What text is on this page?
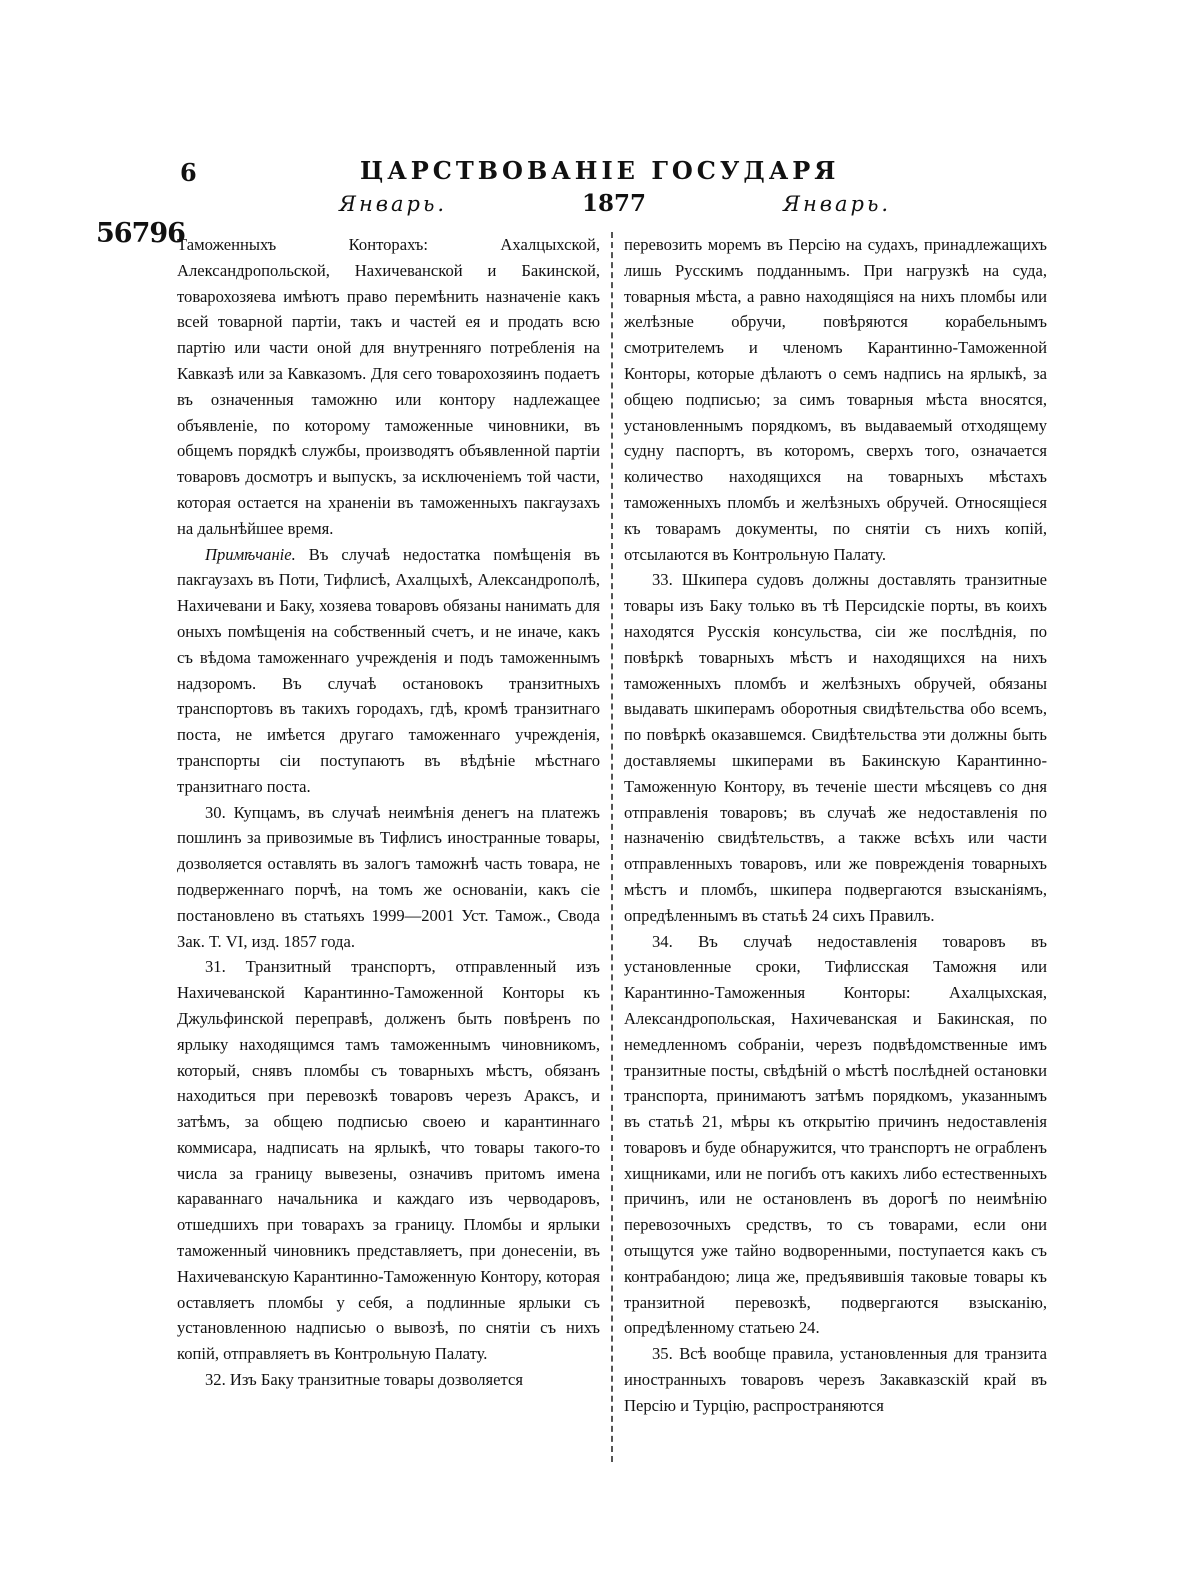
6	ЦАРСТВОВАНІЕ ГОСУДАРЯ
Январь.	1877	Январь.
56796

Таможенныхъ Конторахъ: Ахалцыхской, Александропольской, Нахичеванской и Бакинской, товарохозяева имѣютъ право перемѣнить назначеніе какъ всей товарной партіи, такъ и частей ея и продать всю партію или части оной для внутренняго потребленія на Кавказѣ или за Кавказомъ. Для сего товарохозяинъ подаетъ въ означенныя таможню или контору надлежащее объявленіе, по которому таможенные чиновники, въ общемъ порядкѣ службы, производятъ объявленной партіи товаровъ досмотръ и выпускъ, за исключеніемъ той части, которая остается на храненіи въ таможенныхъ пакгаузахъ на дальнѣйшее время.

Примѣчаніе. Въ случаѣ недостатка помѣщенія въ пакгаузахъ въ Поти, Тифлисѣ, Ахалцыхѣ, Александрополѣ, Нахичевани и Баку, хозяева товаровъ обязаны нанимать для оныхъ помѣщенія на собственный счетъ, и не иначе, какъ съ вѣдома таможеннаго учрежденія и подъ таможеннымъ надзоромъ. Въ случаѣ остановокъ транзитныхъ транспортовъ въ такихъ городахъ, гдѣ, кромѣ транзитнаго поста, не имѣется другаго таможеннаго учрежденія, транспорты сіи поступаютъ въ вѣдѣніе мѣстнаго транзитнаго поста.

30. Купцамъ, въ случаѣ неимѣнія денегъ на платежъ пошлинъ за привозимые въ Тифлисъ иностранные товары, дозволяется оставлять въ залогъ таможнѣ часть товара, не подверженнаго порчѣ, на томъ же основаніи, какъ сіе постановлено въ статьяхъ 1999—2001 Уст. Тамож., Свода Зак. Т. VI, изд. 1857 года.

31. Транзитный транспортъ, отправленный изъ Нахичеванской Карантинно-Таможенной Конторы къ Джульфинской переправѣ, долженъ быть повѣренъ по ярлыку находящимся тамъ таможеннымъ чиновникомъ, который, снявъ пломбы съ товарныхъ мѣстъ, обязанъ находиться при перевозкѣ товаровъ черезъ Араксъ, и затѣмъ, за общею подписью своею и карантиннаго коммисара, надписать на ярлыкѣ, что товары такого-то числа за границу вывезены, означивъ притомъ имена караваннаго начальника и каждаго изъ черводаровъ, отшедшихъ при товарахъ за границу. Пломбы и ярлыки таможенный чиновникъ представляетъ, при донесеніи, въ Нахичеванскую Карантинно-Таможенную Контору, которая оставляетъ пломбы у себя, а подлинные ярлыки съ установленною надписью о вывозѣ, по снятіи съ нихъ копій, отправляетъ въ Контрольную Палату.

32. Изъ Баку транзитные товары дозволяется

перевозить моремъ въ Персію на судахъ, принадлежащихъ лишь Русскимъ подданнымъ. При нагрузкѣ на суда, товарныя мѣста, а равно находящіяся на нихъ пломбы или желѣзные обручи, повѣряются корабельнымъ смотрителемъ и членомъ Карантинно-Таможенной Конторы, которые дѣлаютъ о семъ надпись на ярлыкѣ, за общею подписью; за симъ товарныя мѣста вносятся, установленнымъ порядкомъ, въ выдаваемый отходящему судну паспортъ, въ которомъ, сверхъ того, означается количество находящихся на товарныхъ мѣстахъ таможенныхъ пломбъ и желѣзныхъ обручей. Относящіеся къ товарамъ документы, по снятіи съ нихъ копій, отсылаются въ Контрольную Палату.

33. Шкипера судовъ должны доставлять транзитные товары изъ Баку только въ тѣ Персидскіе порты, въ коихъ находятся Русскія консульства, сіи же послѣднія, по повѣркѣ товарныхъ мѣстъ и находящихся на нихъ таможенныхъ пломбъ и желѣзныхъ обручей, обязаны выдавать шкиперамъ оборотныя свидѣтельства обо всемъ, по повѣркѣ оказавшемся. Свидѣтельства эти должны быть доставляемы шкиперами въ Бакинскую Карантинно-Таможенную Контору, въ теченіе шести мѣсяцевъ со дня отправленія товаровъ; въ случаѣ же недоставленія по назначенію свидѣтельствъ, а также всѣхъ или части отправленныхъ товаровъ, или же поврежденія товарныхъ мѣстъ и пломбъ, шкипера подвергаются взысканіямъ, опредѣленнымъ въ статьѣ 24 сихъ Правилъ.

34. Въ случаѣ недоставленія товаровъ въ установленные сроки, Тифлисская Таможня или Карантинно-Таможенныя Конторы: Ахалцыхская, Александропольская, Нахичеванская и Бакинская, по немедленномъ собраніи, черезъ подвѣдомственные имъ транзитные посты, свѣдѣній о мѣстѣ послѣдней остановки транспорта, принимаютъ затѣмъ порядкомъ, указаннымъ въ статьѣ 21, мѣры къ открытію причинъ недоставленія товаровъ и буде обнаружится, что транспортъ не ограбленъ хищниками, или не погибъ отъ какихъ либо естественныхъ причинъ, или не остановленъ въ дорогѣ по неимѣнію перевозочныхъ средствъ, то съ товарами, если они отыщутся уже тайно водворенными, поступается какъ съ контрабандою; лица же, предъявившія таковые товары къ транзитной перевозкѣ, подвергаются взысканію, опредѣленному статьею 24.

35. Всѣ вообще правила, установленныя для транзита иностранныхъ товаровъ черезъ Закавказскій край въ Персію и Турцію, распространяются
